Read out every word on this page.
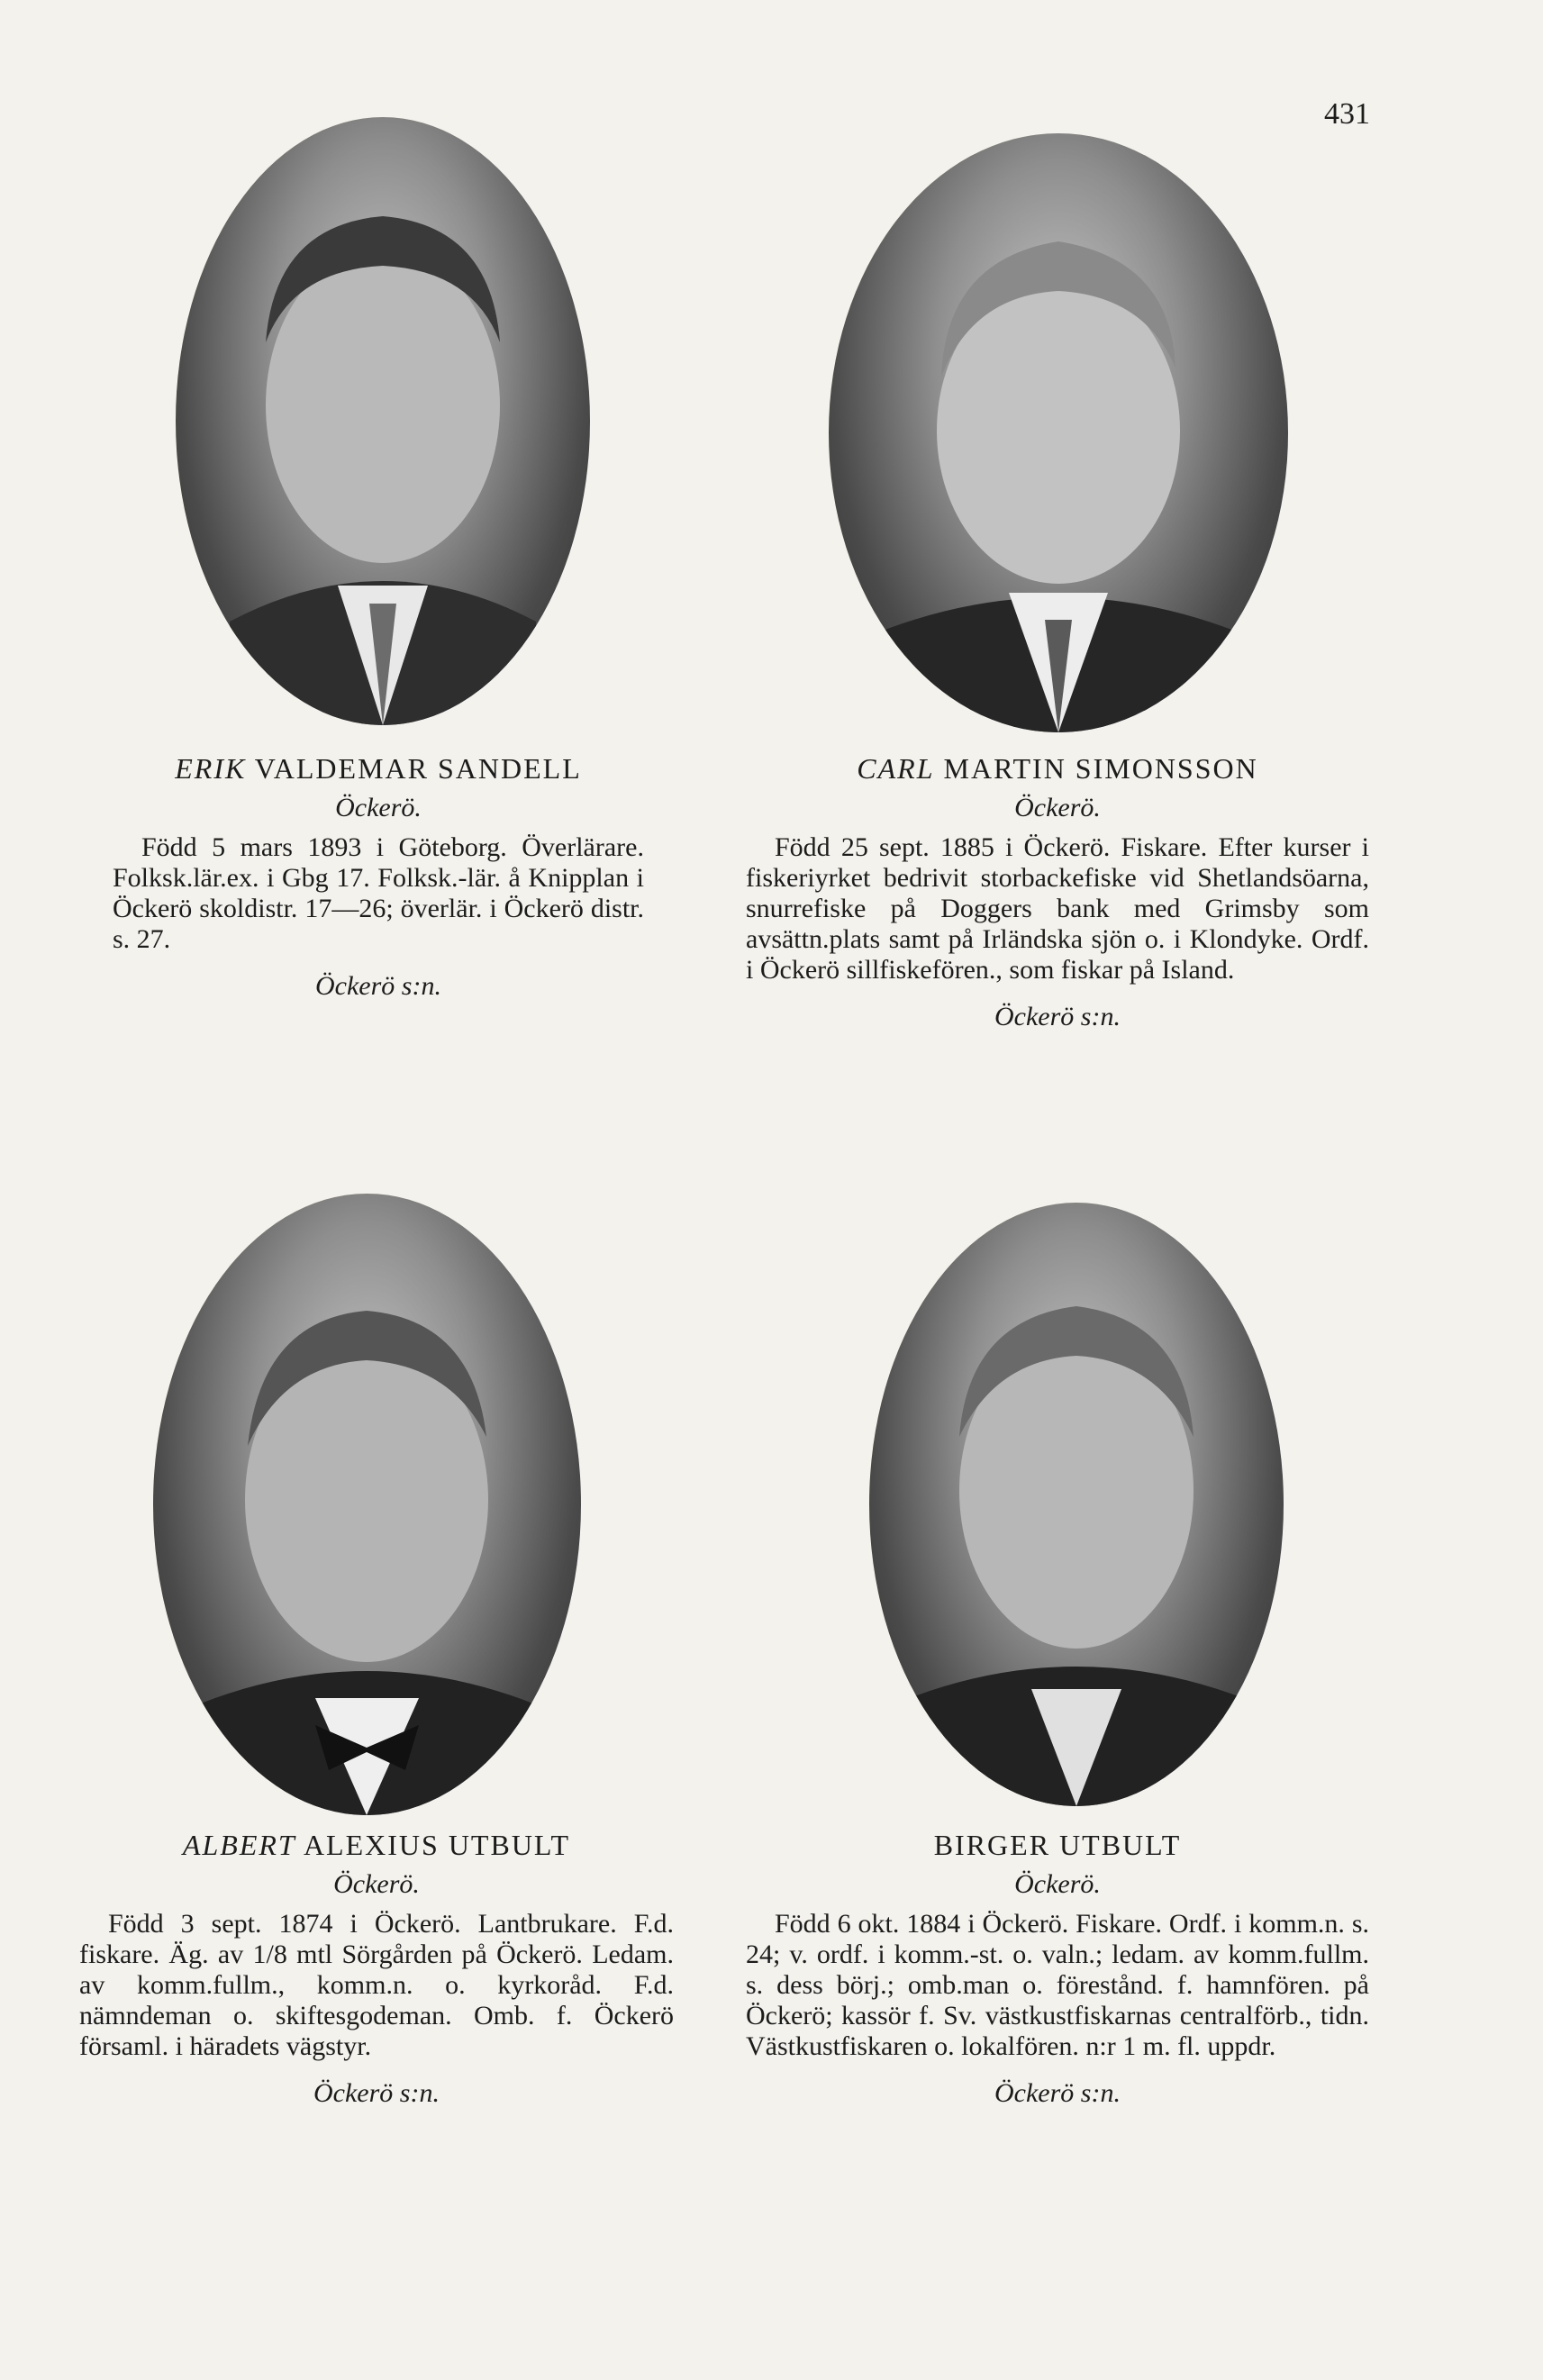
431
ERIK VALDEMAR SANDELL
Öckerö.
Född 5 mars 1893 i Göteborg. Överlärare. Folksk.lär.ex. i Gbg 17. Folksk.-lär. å Knipplan i Öckerö skoldistr. 17—26; överlär. i Öckerö distr. s. 27.
Öckerö s:n.
CARL MARTIN SIMONSSON
Öckerö.
Född 25 sept. 1885 i Öckerö. Fiskare. Efter kurser i fiskeriyrket bedrivit storbackefiske vid Shetlandsöarna, snurrefiske på Doggers bank med Grimsby som avsättn.plats samt på Irländska sjön o. i Klondyke. Ordf. i Öckerö sillfiskefören., som fiskar på Island.
Öckerö s:n.
ALBERT ALEXIUS UTBULT
Öckerö.
Född 3 sept. 1874 i Öckerö. Lantbrukare. F.d. fiskare. Äg. av 1/8 mtl Sörgården på Öckerö. Ledam. av komm.fullm., komm.n. o. kyrkoråd. F.d. nämndeman o. skiftesgodeman. Omb. f. Öckerö församl. i häradets vägstyr.
Öckerö s:n.
BIRGER UTBULT
Öckerö.
Född 6 okt. 1884 i Öckerö. Fiskare. Ordf. i komm.n. s. 24; v. ordf. i komm.-st. o. valn.; ledam. av komm.fullm. s. dess börj.; omb.man o. förestånd. f. hamnfören. på Öckerö; kassör f. Sv. västkustfiskarnas centralförb., tidn. Västkustfiskaren o. lokalfören. n:r 1 m. fl. uppdr.
Öckerö s:n.
